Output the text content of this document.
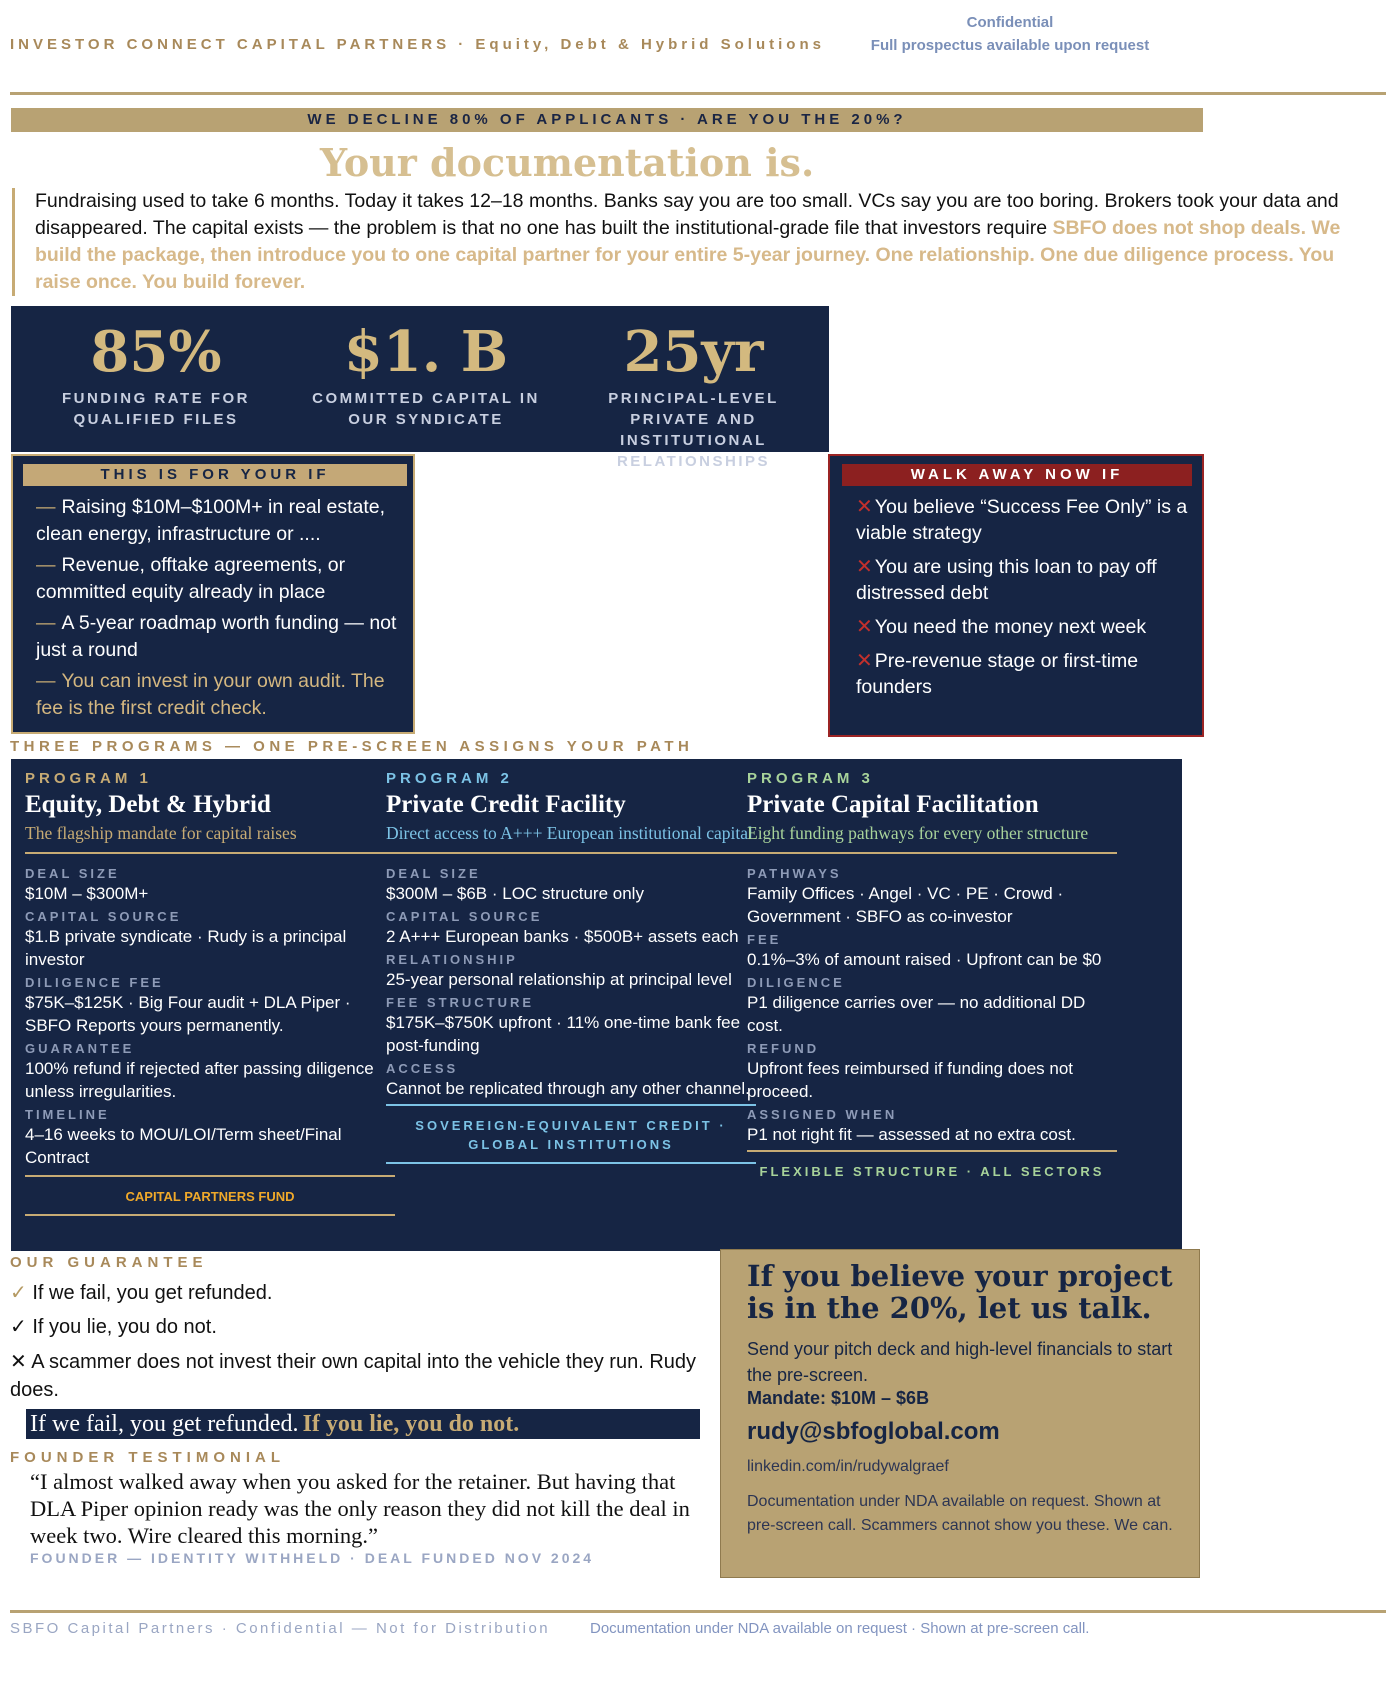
INVESTOR CONNECT CAPITAL PARTNERS · Equity, Debt & Hybrid Solutions
Confidential
Full prospectus available upon request
WE DECLINE 80% OF APPLICANTS · ARE YOU THE 20%?
Your documentation is.
Fundraising used to take 6 months. Today it takes 12–18 months. Banks say you are too small. VCs say you are too boring. Brokers took your data and disappeared. The capital exists — the problem is that no one has built the institutional-grade file that investors require SBFO does not shop deals. We build the package, then introduce you to one capital partner for your entire 5-year journey. One relationship. One due diligence process. You raise once. You build forever.
85%
FUNDING RATE FOR QUALIFIED FILES
$1. B
COMMITTED CAPITAL IN OUR SYNDICATE
25yr
PRINCIPAL-LEVEL PRIVATE AND INSTITUTIONAL RELATIONSHIPS
THIS IS FOR YOUR IF
— Raising $10M–$100M+ in real estate, clean energy, infrastructure or ....
— Revenue, offtake agreements, or committed equity already in place
— A 5-year roadmap worth funding — not just a round
— You can invest in your own audit. The fee is the first credit check.
WALK AWAY NOW IF
✕ You believe “Success Fee Only” is a viable strategy
✕ You are using this loan to pay off distressed debt
✕ You need the money next week
✕ Pre-revenue stage or first-time founders
THREE PROGRAMS — ONE PRE-SCREEN ASSIGNS YOUR PATH
PROGRAM 1
Equity, Debt & Hybrid
The flagship mandate for capital raises
DEAL SIZE
$10M – $300M+
CAPITAL SOURCE
$1.B private syndicate · Rudy is a principal investor
DILIGENCE FEE
$75K–$125K · Big Four audit + DLA Piper · SBFO Reports yours permanently.
GUARANTEE
100% refund if rejected after passing diligence unless irregularities.
TIMELINE
4–16 weeks to MOU/LOI/Term sheet/Final Contract
CAPITAL PARTNERS FUND
PROGRAM 2
Private Credit Facility
Direct access to A+++ European institutional capital
DEAL SIZE
$300M – $6B · LOC structure only
CAPITAL SOURCE
2 A+++ European banks · $500B+ assets each
RELATIONSHIP
25-year personal relationship at principal level
FEE STRUCTURE
$175K–$750K upfront · 11% one-time bank fee post-funding
ACCESS
Cannot be replicated through any other channel.
SOVEREIGN-EQUIVALENT CREDIT · GLOBAL INSTITUTIONS
PROGRAM 3
Private Capital Facilitation
Eight funding pathways for every other structure
PATHWAYS
Family Offices · Angel · VC · PE · Crowd · Government · SBFO as co-investor
FEE
0.1%–3% of amount raised · Upfront can be $0
DILIGENCE
P1 diligence carries over — no additional DD cost.
REFUND
Upfront fees reimbursed if funding does not proceed.
ASSIGNED WHEN
P1 not right fit — assessed at no extra cost.
FLEXIBLE STRUCTURE · ALL SECTORS
OUR GUARANTEE
✓ If we fail, you get refunded.
✓ If you lie, you do not.
✕ A scammer does not invest their own capital into the vehicle they run. Rudy does.
If we fail, you get refunded. If you lie, you do not.
FOUNDER TESTIMONIAL
“I almost walked away when you asked for the retainer. But having that DLA Piper opinion ready was the only reason they did not kill the deal in week two. Wire cleared this morning.”
FOUNDER — IDENTITY WITHHELD · DEAL FUNDED NOV 2024
If you believe your project is in the 20%, let us talk.
Send your pitch deck and high-level financials to start the pre-screen.
Mandate: $10M – $6B
rudy@sbfoglobal.com
linkedin.com/in/rudywalgraef
Documentation under NDA available on request. Shown at pre-screen call. Scammers cannot show you these. We can.
SBFO Capital Partners · Confidential — Not for Distribution	Documentation under NDA available on request · Shown at pre-screen call.
